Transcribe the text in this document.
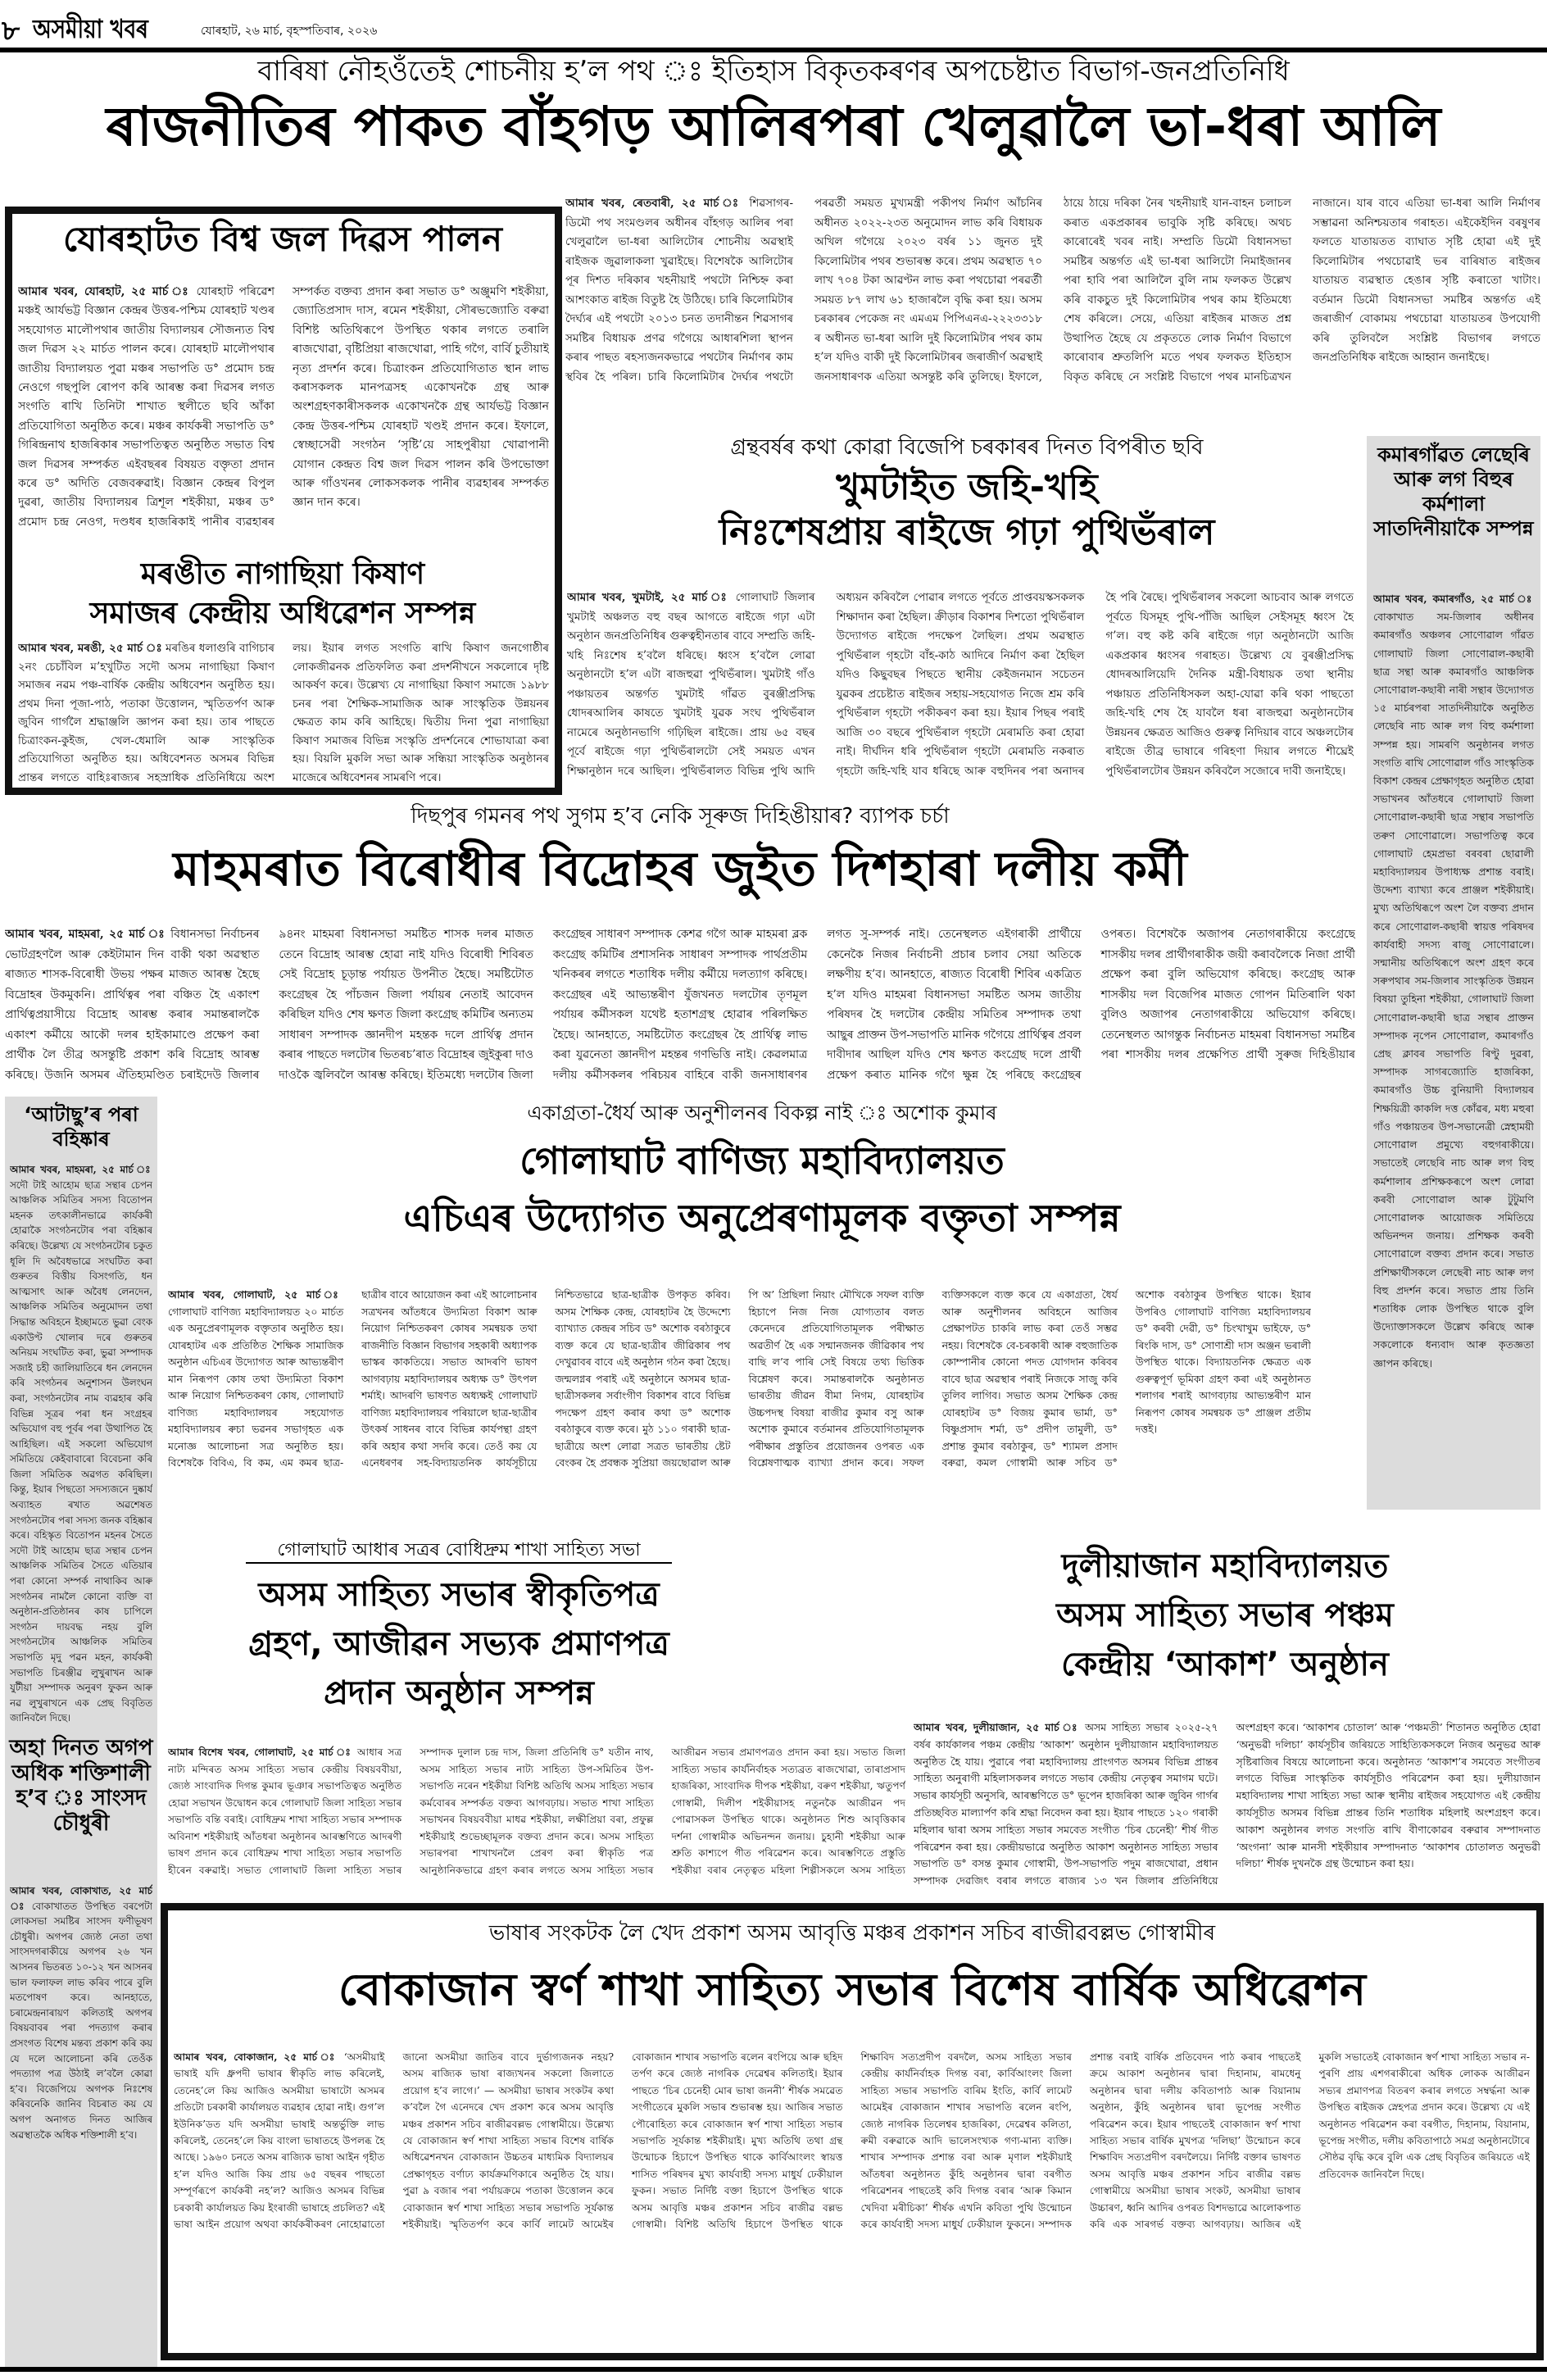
৮ অসমীয়া খবৰ	যোৰহাট, ২৬ মাৰ্চ, বৃহস্পতিবাৰ, ২০২৬
বাৰিষা নৌহওঁতেই শোচনীয় হ’ল পথ ঃ ইতিহাস বিকৃতকৰণৰ অপচেষ্টাত বিভাগ-জনপ্ৰতিনিধি
ৰাজনীতিৰ পাকত বাঁহগড় আলিৰপৰা খেলুৱালৈ ভা-ধৰা আলি
আমাৰ খবৰ, ৰেতবাৰী, ২৫ মাৰ্চ ঃ শিৱসাগৰ-ডিমৌ পথ সংমণ্ডলৰ অধীনৰ বাঁহগড় আলিৰ পৰা খেলুৱালৈ ভা-ধৰা আলিটোৰ শোচনীয় অৱস্থাই ৰাইজক জুৱালাকলা খুৱাইছে। বিশেষকৈ আলিটোৰ পূৰ দিশত দৰিকাৰ খহনীয়াই পথটো নিশ্চিহ্ন কৰা আশংকাত ৰাইজ বিতুষ্ট হৈ উঠিছে। চাৰি কিলোমিটাৰ দৈৰ্ঘ্যৰ এই পথটো ২০১৩ চনত তদানীন্তন শিৱসাগৰ সমষ্টিৰ বিধায়ক প্ৰণৱ গগৈয়ে আধাৰশিলা স্থাপন কৰাৰ পাছত ৰহস্যজনকভাৱে পথটোৰ নিৰ্মাণৰ কাম স্থবিৰ হৈ পৰিল। চাৰি কিলোমিটাৰ দৈৰ্ঘ্যৰ পথটো পৰৱৰ্তী সময়ত মুখ্যমন্ত্ৰী পকীপথ নিৰ্মাণ আঁচনিৰ অধীনত ২০২২-২৩ত অনুমোদন লাভ কৰি বিধায়ক অখিল গগৈয়ে ২০২৩ বৰ্ষৰ ১১ জুনত দুই কিলোমিটাৰ পথৰ শুভাৰম্ভ কৰে। প্ৰথম অৱস্থাত ৭০ লাখ ৭০৪ টকা আৱণ্টন লাভ কৰা পথচোৱা পৰৱৰ্তী সময়ত ৮৭ লাখ ৬১ হাজাৰলৈ বৃদ্ধি কৰা হয়। অসম চৰকাৰৰ পেকেজ নং এমএম পিপিএনএ-২২২৩৩১৮ ৰ অধীনত ভা-ধৰা আলি দুই কিলোমিটাৰ পথৰ কাম হ’ল যদিও বাকী দুই কিলোমিটাৰৰ জৰাজীৰ্ণ অৱস্থাই জনসাধাৰণক এতিয়া অসন্তুষ্ট কৰি তুলিছে। ইফালে, ঠায়ে ঠায়ে দৰিকা নৈৰ খহনীয়াই যান-বাহন চলাচল কৰাত একপ্ৰকাৰৰ ভাবুকি সৃষ্টি কৰিছে। অথচ কাৰোৰেই খবৰ নাই। সম্প্ৰতি ডিমৌ বিধানসভা সমষ্টিৰ অন্তৰ্গত এই ভা-ধৰা আলিটো নিমাইজানৰ পৰা হাবি পৰা আলিলৈ বুলি নাম ফলকত উল্লেখ কৰি বাকচুত দুই কিলোমিটাৰ পথৰ কাম ইতিমধ্যে শেষ কৰিলে। সেয়ে, এতিয়া ৰাইজৰ মাজত প্ৰশ্ন উত্থাপিত হৈছে যে প্ৰকৃততে লোক নিৰ্মাণ বিভাগে কাৰোবাৰ শ্ৰুতলিপি মতে পথৰ ফলকত ইতিহাস বিকৃত কৰিছে নে সংশ্লিষ্ট বিভাগে পথৰ মানচিত্ৰখন নাজানে। যাৰ বাবে এতিয়া ভা-ধৰা আলি নিৰ্মাণৰ সম্ভাৱনা অনিশ্চয়তাৰ গৰাহত। এইকেইদিন বৰষুণৰ ফলতে যাতায়তত ব্যাঘাত সৃষ্টি হোৱা এই দুই কিলোমিটাৰ পথচোৱাই ভৰ বাৰিষাত ৰাইজৰ যাতায়ত ব্যৱস্থাত হেঙাৰ সৃষ্টি কৰাতো খাটাং। বৰ্তমান ডিমৌ বিধানসভা সমষ্টিৰ অন্তৰ্গত এই জৰাজীৰ্ণ বোকাময় পথচোৱা যাতায়তৰ উপযোগী কৰি তুলিবলৈ সংশ্লিষ্ট বিভাগৰ লগতে জনপ্ৰতিনিধিক ৰাইজে আহ্বান জনাইছে।
যোৰহাটত বিশ্ব জল দিৱস পালন
আমাৰ খবৰ, যোৰহাট, ২৫ মাৰ্চ ঃ যোৰহাট পৰিৱেশ মঞ্চই আৰ্যভট্ট বিজ্ঞান কেন্দ্ৰৰ উত্তৰ-পশ্চিম যোৰহাট খণ্ডৰ সহযোগত মালৌপথাৰ জাতীয় বিদ্যালয়ৰ সৌজন্যত বিশ্ব জল দিৱস ২২ মাৰ্চত পালন কৰে। যোৰহাট মালৌপথাৰ জাতীয় বিদ্যালয়ত পুৱা মঞ্চৰ সভাপতি ড° প্ৰমোদ চন্দ্ৰ নেওগে গছপুলি ৰোপণ কৰি আৰম্ভ কৰা দিৱসৰ লগত সংগতি ৰাখি তিনিটা শাখাত স্থলীতে ছবি আঁকা প্ৰতিযোগিতা অনুষ্ঠিত কৰে। মঞ্চৰ কাৰ্যকৰী সভাপতি ড° গিৰিন্দ্ৰনাথ হাজৰিকাৰ সভাপতিত্বত অনুষ্ঠিত সভাত বিশ্ব জল দিৱসৰ সম্পৰ্কত এইবছৰৰ বিষয়ত বক্তৃতা প্ৰদান কৰে ড° অদিতি বেজবৰুৱাই। বিজ্ঞান কেন্দ্ৰৰ বিপুল দুৱৰা, জাতীয় বিদ্যালয়ৰ ত্ৰিশূল শইকীয়া, মঞ্চৰ ড° প্ৰমোদ চন্দ্ৰ নেওগ, দণ্ডধৰ হাজৰিকাই পানীৰ ব্যৱহাৰৰ সম্পৰ্কত বক্তব্য প্ৰদান কৰা সভাত ড° অঞ্জুমণি শইকীয়া, জ্যোতিপ্ৰসাদ দাস, ৰমেন শইকীয়া, সৌৰভজ্যোতি বৰুৱা বিশিষ্ট অতিথিৰূপে উপস্থিত থকাৰ লগতে তৰালি ৰাজখোৱা, বৃষ্টিপ্ৰিয়া ৰাজখোৱা, পাহি গগৈ, বাৰ্বি চুতীয়াই নৃত্য প্ৰদৰ্শন কৰে। চিত্ৰাংকন প্ৰতিযোগিতাত স্থান লাভ কৰাসকলক মানপত্ৰসহ একোখনকৈ গ্ৰন্থ আৰু অংশগ্ৰহণকাৰীসকলক একোখনকৈ গ্ৰন্থ আৰ্যভট্ট বিজ্ঞান কেন্দ্ৰ উত্তৰ-পশ্চিম যোৰহাট খণ্ডই প্ৰদান কৰে। ইফালে, স্বেচ্ছাসেৱী সংগঠন ‘সৃষ্টি’য়ে সাহপুৰীয়া খোৱাপানী যোগান কেন্দ্ৰত বিশ্ব জল দিৱস পালন কৰি উপভোক্তা আৰু গাঁওখনৰ লোকসকলক পানীৰ ব্যৱহাৰৰ সম্পৰ্কত জ্ঞান দান কৰে।
মৰঙীত নাগাছিয়া কিষাণ
সমাজৰ কেন্দ্ৰীয় অধিৱেশন সম্পন্ন
আমাৰ খবৰ, মৰঙী, ২৫ মাৰ্চ ঃ মৰঙিৰ ধলাগুৰি বাগিচাৰ ২নং চেচাঁবিল ম’হখুটিত সদৌ অসম নাগাছিয়া কিষাণ সমাজৰ নৱম পঞ্চ-বাৰ্ষিক কেন্দ্ৰীয় অধিবেশন অনুষ্ঠিত হয়। প্ৰথম দিনা পূজা-পাঠ, পতাকা উত্তোলন, স্মৃতিতৰ্পণ আৰু জুবিন গাৰ্গলৈ শ্ৰদ্ধাঞ্জলি জ্ঞাপন কৰা হয়। তাৰ পাছতে চিত্ৰাংকন-কুইজ, খেল-ধেমালি আৰু সাংস্কৃতিক প্ৰতিযোগিতা অনুষ্ঠিত হয়। অধিবেশনত অসমৰ বিভিন্ন প্ৰান্তৰ লগতে বাহিঃৰাজ্যৰ সহস্ৰাধিক প্ৰতিনিধিয়ে অংশ লয়। ইয়াৰ লগত সংগতি ৰাখি কিষাণ জনগোষ্ঠীৰ লোকজীৱনক প্ৰতিফলিত কৰা প্ৰদৰ্শনীখনে সকলোৰে দৃষ্টি আকৰ্ষণ কৰে। উল্লেখ্য যে নাগাছিয়া কিষাণ সমাজে ১৯৮৮ চনৰ পৰা শৈক্ষিক-সামাজিক আৰু সাংস্কৃতিক উন্নয়নৰ ক্ষেত্ৰত কাম কৰি আহিছে। দ্বিতীয় দিনা পুৱা নাগাছিয়া কিষাণ সমাজৰ বিভিন্ন সংস্কৃতি প্ৰদৰ্শনেৰে শোভাযাত্ৰা কৰা হয়। বিয়লি মুকলি সভা আৰু সন্ধিয়া সাংস্কৃতিক অনুষ্ঠানৰ মাজেৰে অধিবেশনৰ সামৰণি পৰে।
গ্ৰন্থবৰ্ষৰ কথা কোৱা বিজেপি চৰকাৰৰ দিনত বিপৰীত ছবি
খুমটাইত জহি-খহি
নিঃশেষপ্ৰায় ৰাইজে গঢ়া পুথিভঁৰাল
আমাৰ খবৰ, খুমটাই, ২৫ মাৰ্চ ঃ গোলাঘাট জিলাৰ খুমটাই অঞ্চলত বহু বছৰ আগতে ৰাইজে গঢ়া এটা অনুষ্ঠান জনপ্ৰতিনিধিৰ গুৰুত্বহীনতাৰ বাবে সম্প্ৰতি জহি-খহি নিঃশেষ হ’বলৈ ধৰিছে। ধ্বংস হ’বলৈ লোৱা অনুষ্ঠানটো হ’ল এটা ৰাজহুৱা পুথিভঁৰাল। খুমটাই গাঁও পঞ্চায়তৰ অন্তৰ্গত খুমটাই গাঁৱত বুৰঞ্জীপ্ৰসিদ্ধ ধোদৰআলিৰ কাষতে খুমটাই যুৱক সংঘ পুথিভঁৰাল নামেৰে অনুষ্ঠানভাগি গঢ়িছিল ৰাইজে। প্ৰায় ৬৫ বছৰ পূৰ্বে ৰাইজে গঢ়া পুথিভঁৰালটো সেই সময়ত এখন শিক্ষানুষ্ঠান দৰে আছিল। পুথিভঁৰালত বিভিন্ন পুথি আদি অধ্যয়ন কৰিবলৈ পোৱাৰ লগতে পূৰ্বতে প্ৰাপ্তবয়স্কসকলক শিক্ষাদান কৰা হৈছিল। ক্ৰীড়াৰ বিকাশৰ দিশতো পুথিভঁৰাল উদ্যোগত ৰাইজে পদক্ষেপ লৈছিল। প্ৰথম অৱস্থাত পুথিভঁৰাল গৃহটো বাঁহ-কাঠ আদিৰে নিৰ্মাণ কৰা হৈছিল যদিও কিছুবছৰ পিছতে স্থানীয় কেইজনমান সচেতন যুৱকৰ প্ৰচেষ্টাত ৰাইজৰ সহায়-সহযোগত নিজে শ্ৰম কৰি পুথিভঁৰাল গৃহটো পকীকৰণ কৰা হয়। ইয়াৰ পিছৰ পৰাই আজি ৩০ বছৰে পুথিভঁৰাল গৃহটো মেৰামতি কৰা হোৱা নাই। দীৰ্ঘদিন ধৰি পুথিভঁৰাল গৃহটো মেৰামতি নকৰাত গৃহটো জহি-খহি যাব ধৰিছে আৰু বহুদিনৰ পৰা অনাদৰ হৈ পৰি ৰৈছে। পুথিভঁৰালৰ সকলো আচবাব আৰু লগতে পূৰ্বতে যিসমূহ পুথি-পাঁজি আছিল সেইসমূহ ধ্বংস হৈ গ’ল। বহু কষ্ট কৰি ৰাইজে গঢ়া অনুষ্ঠানটো আজি একপ্ৰকাৰ ধ্বংসৰ গৰাহত। উল্লেখ্য যে বুৰঞ্জীপ্ৰসিদ্ধ ধোদৰআলিয়েদি দৈনিক মন্ত্ৰী-বিধায়ক তথা স্থানীয় পঞ্চায়ত প্ৰতিনিধিসকল অহা-যোৱা কৰি থকা পাছতো জহি-খহি শেষ হৈ যাবলৈ ধৰা ৰাজহুৱা অনুষ্ঠানটোৰ উন্নয়নৰ ক্ষেত্ৰত আজিও গুৰুত্ব নিদিয়াৰ বাবে অঞ্চলটোৰ ৰাইজে তীব্ৰ ভাষাৰে গৰিহণা দিয়াৰ লগতে শীঘ্ৰেই পুথিভঁৰালটোৰ উন্নয়ন কৰিবলৈ সজোৰে দাবী জনাইছে।
কমাৰগাঁৱত লেছেৰি আৰু লগ বিহুৰ কৰ্মশালা সাতদিনীয়াকৈ সম্পন্ন
আমাৰ খবৰ, কমাৰগাঁও, ২৫ মাৰ্চ ঃ বোকাখাত সম-জিলাৰ অধীনৰ কমাৰগাঁও অঞ্চলৰ সোণোৱাল গাঁৱত গোলাঘাট জিলা সোণোৱাল-কছাৰী ছাত্ৰ সন্থা আৰু কমাৰগাঁও আঞ্চলিক সোণোৱাল-কছাৰী নাৰী সন্থাৰ উদ্যোগত ১৫ মাৰ্চৰপৰা সাতদিনীয়াকৈ অনুষ্ঠিত লেছেৰি নাচ আৰু লগ বিহু কৰ্মশালা সম্পন্ন হয়। সামৰণি অনুষ্ঠানৰ লগত সংগতি ৰাখি সোণোৱাল গাঁও সাংস্কৃতিক বিকাশ কেন্দ্ৰৰ প্ৰেক্ষাগৃহত অনুষ্ঠিত হোৱা সভাখনৰ আঁতধৰে গোলাঘাট জিলা সোণোৱাল-কছাৰী ছাত্ৰ সন্থাৰ সভাপতি তৰুণ সোণোৱালে। সভাপতিত্ব কৰে গোলাঘাট হেমপ্ৰভা বৰবৰা ছোৱালী মহাবিদ্যালয়ৰ উপাধ্যক্ষ প্ৰশান্ত বৰাই। উদ্দেশ্য ব্যাখ্যা কৰে প্ৰাঞ্জল শইকীয়াই। মুখ্য অতিথিৰূপে অংশ লৈ বক্তব্য প্ৰদান কৰে সোণোৱাল-কছাৰী স্বায়ত্ত পৰিষদৰ কাৰ্যবাহী সদস্য ৰাজু সোণোৱালে। সন্মানীয় অতিথিৰূপে অংশ গ্ৰহণ কৰে সৰুপথাৰ সম-জিলাৰ সাংস্কৃতিক উন্নয়ন বিষয়া তুহিনা শইকীয়া, গোলাঘাট জিলা সোণোৱাল-কছাৰী ছাত্ৰ সন্থাৰ প্ৰাক্তন সম্পাদক নৃপেন সোণোৱাল, কমাৰগাঁও প্ৰেছ ক্লাবৰ সভাপতি ৰিণ্টু দুৱৰা, সম্পাদক সাগৰজ্যোতি হাজৰিকা, কমাৰগাঁও উচ্চ বুনিয়াদী বিদ্যালয়ৰ শিক্ষয়িত্ৰী কাকলি দত্ত কোঁৱৰ, মধ্য মহুৰা গাঁও পঞ্চায়তৰ উপ-সভানেত্ৰী স্নেহাময়ী সোণোৱাল প্ৰমুখ্যে বহুগৰাকীয়ে। সভাতেই লেছেৰি নাচ আৰু লগ বিহু কৰ্মশালাৰ প্ৰশিক্ষকৰূপে অংশ লোৱা কৰবী সোণোৱাল আৰু টুটুমণি সোণোৱালক আয়োজক সমিতিয়ে অভিনন্দন জনায়। প্ৰশিক্ষক কৰবী সোণোৱালে বক্তব্য প্ৰদান কৰে। সভাত প্ৰশিক্ষাৰ্থীসকলে লেছেৰী নাচ আৰু লগ বিহু প্ৰদৰ্শন কৰে। সভাত প্ৰায় তিনি শতাধিক লোক উপস্থিত থাকে বুলি উদ্যোক্তাসকলে উল্লেখ কৰিছে আৰু সকলোকে ধন্যবাদ আৰু কৃতজ্ঞতা জ্ঞাপন কৰিছে।
দিছপুৰ গমনৰ পথ সুগম হ’ব নেকি সূৰুজ দিহিঙীয়াৰ? ব্যাপক চৰ্চা
মাহমৰাত বিৰোধীৰ বিদ্ৰোহৰ জুইত দিশহাৰা দলীয় কৰ্মী
আমাৰ খবৰ, মাহমৰা, ২৫ মাৰ্চ ঃ বিধানসভা নিৰ্বাচনৰ ভোটগ্ৰহণলৈ আৰু কেইটামান দিন বাকী থকা অৱস্থাত ৰাজ্যত শাসক-বিৰোধী উভয় পক্ষৰ মাজত আৰম্ভ হৈছে বিদ্ৰোহৰ উকমুকনি। প্ৰাৰ্থিত্বৰ পৰা বঞ্চিত হৈ একাংশ প্ৰাৰ্থিত্বপ্ৰয়াসীয়ে বিদ্ৰোহ আৰম্ভ কৰাৰ সমান্তৰালকৈ একাংশ কৰ্মীয়ে আকৌ দলৰ হাইকামাণ্ডে প্ৰক্ষেপ কৰা প্ৰাৰ্থীক লৈ তীব্ৰ অসন্তুষ্টি প্ৰকাশ কৰি বিদ্ৰোহ আৰম্ভ কৰিছে। উজনি অসমৰ ঐতিহ্যমণ্ডিত চৰাইদেউ জিলাৰ ৯৪নং মাহমৰা বিধানসভা সমষ্টিত শাসক দলৰ মাজত তেনে বিদ্ৰোহ আৰম্ভ হোৱা নাই যদিও বিৰোধী শিবিৰত সেই বিদ্ৰোহ চূড়ান্ত পৰ্যায়ত উপনীত হৈছে। সমষ্টিটোত কংগ্ৰেছৰ হৈ পাঁচজন জিলা পৰ্যায়ৰ নেতাই আবেদন কৰিছিল যদিও শেষ ক্ষণত জিলা কংগ্ৰেছ কমিটিৰ অন্যতম সাধাৰণ সম্পাদক জ্ঞানদীপ মহন্তক দলে প্ৰাৰ্থিত্ব প্ৰদান কৰাৰ পাছতে দলটোৰ ভিতৰচ’ৰাত বিদ্ৰোহৰ জুইকুৰা দাও দাওকৈ জ্বলিবলৈ আৰম্ভ কৰিছে। ইতিমধ্যে দলটোৰ জিলা কংগ্ৰেছৰ সাধাৰণ সম্পাদক কেশৱ গগৈ আৰু মাহমৰা ব্লক কংগ্ৰেছ কমিটিৰ প্ৰশাসনিক সাধাৰণ সম্পাদক পাৰ্থপ্ৰতীম খনিকৰৰ লগতে শতাধিক দলীয় কৰ্মীয়ে দলত্যাগ কৰিছে। কংগ্ৰেছৰ এই আভ্যন্তৰীণ যুঁজখনত দলটোৰ তৃণমূল পৰ্যায়ৰ কৰ্মীসকল যথেষ্ট হতাশগ্ৰস্থ হোৱাৰ পৰিলক্ষিত হৈছে। আনহাতে, সমষ্টিটোত কংগ্ৰেছৰ হৈ প্ৰাৰ্থিত্ব লাভ কৰা যুৱনেতা জ্ঞানদীপ মহন্তৰ গণভিত্তি নাই। কেৱলমাত্ৰ দলীয় কৰ্মীসকলৰ পৰিচয়ৰ বাহিৰে বাকী জনসাধাৰণৰ লগত সু-সম্পৰ্ক নাই। তেনেস্থলত এইগৰাকী প্ৰাৰ্থীয়ে কেনেকৈ নিজৰ নিৰ্বাচনী প্ৰচাৰ চলাব সেয়া অতিকে লক্ষণীয় হ’ব। আনহাতে, ৰাজ্যত বিৰোধী শিবিৰ একত্ৰিত হ’ল যদিও মাহমৰা বিধানসভা সমষ্টিত অসম জাতীয় পৰিষদৰ হৈ দলটোৰ কেন্দ্ৰীয় সমিতিৰ সম্পাদক তথা আছুৰ প্ৰাক্তন উপ-সভাপতি মানিক গগৈয়ে প্ৰাৰ্থিত্বৰ প্ৰবল দাবীদাৰ আছিল যদিও শেষ ক্ষণত কংগ্ৰেছ দলে প্ৰাৰ্থী প্ৰক্ষেপ কৰাত মানিক গগৈ ক্ষুন্ন হৈ পৰিছে কংগ্ৰেছৰ ওপৰত। বিশেষকৈ অজাপৰ নেতাগৰাকীয়ে কংগ্ৰেছে শাসকীয় দলৰ প্ৰাৰ্থীগৰাকীক জয়ী কৰাবলৈকে নিজা প্ৰাৰ্থী প্ৰক্ষেপ কৰা বুলি অভিযোগ কৰিছে। কংগ্ৰেছ আৰু শাসকীয় দল বিজেপিৰ মাজত গোপন মিতিৰালি থকা বুলিও অজাপৰ নেতাগৰাকীয়ে অভিযোগ কৰিছে। তেনেস্থলত আগন্তুক নিৰ্বাচনত মাহমৰা বিধানসভা সমষ্টিৰ পৰা শাসকীয় দলৰ প্ৰক্ষেপিত প্ৰাৰ্থী সুৰুজ দিহিঙীয়াৰ
‘আটাছু’ৰ পৰা বহিষ্কাৰ
আমাৰ খবৰ, মাহমৰা, ২৫ মাৰ্চ ঃ সদৌ টাই আহোম ছাত্ৰ সন্থাৰ চেপন আঞ্চলিক সমিতিৰ সদস্য বিতোপন মহনক তৎকালীনভাৱে কাৰ্যকৰী হোৱাকৈ সংগঠনটোৰ পৰা বহিষ্কাৰ কৰিছে। উল্লেখ্য যে সংগঠনটোৰ চকুত ধূলি দি অবৈধভাৱে সংঘটিত কৰা গুৰুতৰ বিত্তীয় বিসংগতি, ধন আত্মসাৎ আৰু অবৈধ লেনদেন, আঞ্চলিক সমিতিৰ অনুমোদন তথা সিদ্ধান্ত অবিহনে ইচ্ছামতে ভুৱা বেংক একাউণ্ট খোলাৰ দৰে গুৰুতৰ অনিয়ম সংঘটিত কৰা, ভুৱা সম্পাদক সজাই চহী জালিয়াতিৰে ধন লেনদেন কৰি সংগঠনৰ অনুশাসন উলংঘন কৰা, সংগঠনটোৰ নাম ব্যৱহাৰ কৰি বিভিন্ন সূত্ৰৰ পৰা ধন সংগ্ৰহৰ অভিযোগ বহু পূৰ্বৰ পৰা উত্থাপিত হৈ আহিছিল। এই সকলো অভিযোগ সমিতিয়ে কেইবাবাৰো বিবেচনা কৰি জিলা সমিতিক অৱগত কৰিছিল। কিন্তু, ইয়াৰ পিছতো সদস্যজনে দুষ্কাৰ্য অব্যাহত ৰখাত অৱশেষত সংগঠনটোৰ পৰা সদস্য জনক বহিষ্কাৰ কৰে। বহিস্কৃত বিতোপন মহনৰ সৈতে সদৌ টাই আহোম ছাত্ৰ সন্থাৰ চেপন আঞ্চলিক সমিতিৰ সৈতে এতিয়াৰ পৰা কোনো সম্পৰ্ক নাথাকিব আৰু সংগঠনৰ নামলৈ কোনো ব্যক্তি বা অনুষ্ঠান-প্ৰতিষ্ঠানৰ কাষ চাপিলে সংগঠন দায়বদ্ধ নহয় বুলি সংগঠনটোৰ আঞ্চলিক সমিতিৰ সভাপতি মৃদু পৱন মহন, কাৰ্যকৰী সভাপতি চিৰঞ্জীৱ লুখুৰাখন আৰু যুটীয়া সম্পাদক অনুৰণ ফুকন আৰু নৱ লুখুৰাখনে এক প্ৰেছ বিবৃতিত জানিবলৈ দিছে।
অহা দিনত অগপ অধিক শক্তিশালী হ’ব ঃ সাংসদ চৌধুৰী
আমাৰ খবৰ, বোকাখাত, ২৫ মাৰ্চ ঃ বোকাখাতত উপস্থিত বৰপেটা লোকসভা সমষ্টিৰ সাংসদ ফণীভূষণ চৌধুৰী। অগপৰ জ্যেষ্ঠ নেতা তথা সাংসদগৰাকীয়ে অগপৰ ২৬ খন আসনৰ ভিতৰত ১০-১২ খন আসনৰ ভাল ফলাফল লাভ কৰিব পাৰে বুলি মতপোষণ কৰে। আনহাতে, চৰামেন্দ্ৰনাৰায়ণ কলিতাই অগপৰ বিষয়বাবৰ পৰা পদত্যাগ কৰাৰ প্ৰসংগত বিশেষ মন্তব্য প্ৰকাশ কৰি কয় যে দলে আলোচনা কৰি তেওঁক পদত্যাগ পত্ৰ উঠাই ল’বলৈ কোৱা হ’ব। বিজেপিয়ে অগপক নিঃশেষ কৰিবনেকি জানিব বিচৰাত কয় যে অগপ অনাগত দিনত আজিৰ অৱস্থাতকৈ অধিক শক্তিশালী হ’ব।
একাগ্ৰতা-ধৈৰ্য আৰু অনুশীলনৰ বিকল্প নাই ঃ অশোক কুমাৰ
গোলাঘাট বাণিজ্য মহাবিদ্যালয়ত
এচিএৰ উদ্যোগত অনুপ্ৰেৰণামূলক বক্তৃতা সম্পন্ন
আমাৰ খবৰ, গোলাঘাট, ২৫ মাৰ্চ ঃ গোলাঘাট বাণিজ্য মহাবিদ্যালয়ত ২০ মাৰ্চত এক অনুপ্ৰেৰণামূলক বক্তৃতাৰ অনুষ্ঠিত হয়। যোৰহাটৰ এক প্ৰতিষ্ঠিত শৈক্ষিক সামাজিক অনুষ্ঠান এচিএৰ উদ্যোগত আৰু আভ্যন্তৰীণ মান নিৰূপণ কোষ তথা উদ্যমিতা বিকাশ আৰু নিয়োগ নিশ্চিতকৰণ কোষ, গোলাঘাট বাণিজ্য মহাবিদ্যালয়ৰ সহযোগত মহাবিদ্যালয়ৰ ৰুচা ভৱনৰ সভাগৃহত এক মনোজ্ঞ আলোচনা সত্ৰ অনুষ্ঠিত হয়। বিশেষকৈ বিবিএ, বি কম, এম কমৰ ছাত্ৰ-ছাত্ৰীৰ বাবে আয়োজন কৰা এই আলোচনাৰ সত্ৰখনৰ আঁতধৰে উদ্যমিতা বিকাশ আৰু নিয়োগ নিশ্চিতকৰণ কোষৰ সমন্বয়ক তথা ৰাজনীতি বিজ্ঞান বিভাগৰ সহকাৰী অধ্যাপক ভাস্কৰ কাকতিয়ে। সভাত আদৰণি ভাষণ আগবঢ়ায় মহাবিদ্যালয়ৰ অধ্যক্ষ ড° উৎপল শৰ্মাই। আদৰণি ভাষণত অধ্যক্ষই গোলাঘাট বাণিজ্য মহাবিদ্যালয়ৰ পৰিয়ালে ছাত্ৰ-ছাত্ৰীৰ উৎকৰ্ষ সাধনৰ বাবে বিভিন্ন কাৰ্যপন্থা গ্ৰহণ কৰি অহাৰ কথা সদৰি কৰে। তেওঁ কয় যে এনেধৰণৰ সহ-বিদ্যায়তনিক কাৰ্যসূচীয়ে নিশ্চিতভাৱে ছাত্ৰ-ছাত্ৰীক উপকৃত কৰিব। অসম শৈক্ষিক কেন্দ্ৰ, যোৰহাটৰ হৈ উদ্দেশ্যে ব্যাখ্যাত কেন্দ্ৰৰ সচিব ড° অশোক বৰঠাকুৰে ব্যক্ত কৰে যে ছাত্ৰ-ছাত্ৰীৰ জীৱিকাৰ পথ দেখুৱাবৰ বাবে এই অনুষ্ঠান গঠন কৰা হৈছে। জন্মলগ্নৰ পৰাই এই অনুষ্ঠানে অসমৰ ছাত্ৰ-ছাত্ৰীসকলৰ সৰ্বাংগীণ বিকাশৰ বাবে বিভিন্ন পদক্ষেপ গ্ৰহণ কৰাৰ কথা ড° অশোক বৰঠাকুৰে ব্যক্ত কৰে। মুঠ ১১০ গৰাকী ছাত্ৰ-ছাত্ৰীয়ে অংশ লোৱা সত্ৰত ভাৰতীয় ষ্টেট বেংকৰ হৈ প্ৰবন্ধক সুপ্ৰিয়া জয়ছোৱাল আৰু পি অ’ প্ৰিছিলা নিয়াং মৌখিকে সফল ব্যক্তি হিচাপে নিজ নিজ যোগ্যতাৰ বলত কেনেদৰে প্ৰতিযোগিতামূলক পৰীক্ষাত অৱতীৰ্ণ হৈ এক সন্মানজনক জীৱিকাৰ পথ বাছি ল’ব পাৰি সেই বিষয়ে তথ্য ভিত্তিক বিশ্লেষণ কৰে। সমান্তৰালকৈ অনুষ্ঠানত ভাৰতীয় জীৱন বীমা নিগম, যোৰহাটৰ উচ্চপদস্থ বিষয়া ৰাজীৱ কুমাৰ বসু আৰু অশোক কুমাৰে বৰ্তমানৰ প্ৰতিযোগিতামূলক পৰীক্ষাৰ প্ৰস্তুতিৰ প্ৰয়োজনৰ ওপৰত এক বিশ্লেষণাত্মক ব্যাখ্যা প্ৰদান কৰে। সফল ব্যক্তিসকলে ব্যক্ত কৰে যে একাগ্ৰতা, ধৈৰ্য আৰু অনুশীলনৰ অবিহনে আজিৰ প্ৰেক্ষাপটত চাকৰি লাভ কৰা তেওঁ সম্ভৱ নহয়। বিশেষকৈ বে-চৰকাৰী আৰু বহুজাতিক কোম্পানীৰ কোনো পদত যোগদান কৰিবৰ বাবে ছাত্ৰ অৱস্থাৰ পৰাই নিজকে সাজু কৰি তুলিব লাগিব। সভাত অসম শৈক্ষিক কেন্দ্ৰ যোৰহাটৰ ড° বিজয় কুমাৰ ভাৰ্মা, ড° বিষ্ণুপ্ৰসাদ শৰ্মা, ড° প্ৰদীপ তামুলী, ড° প্ৰশান্ত কুমাৰ বৰঠাকুৰ, ড° শ্যামল প্ৰসাদ বৰুৱা, কমল গোস্বামী আৰু সচিব ড° অশোক বৰঠাকুৰ উপস্থিত থাকে। ইয়াৰ উপৰিও গোলাঘাট বাণিজ্য মহাবিদ্যালয়ৰ ড° কৰবী দেৱী, ড° চিংখাখুম ভাইফে, ড° ৰিংকি দাস, ড° সোণাশ্ৰী দাস অঞ্জন ভৰালী উপস্থিত থাকে। বিদ্যায়তনিক ক্ষেত্ৰত এক গুৰুত্বপূৰ্ণ ভূমিকা গ্ৰহণ কৰা এই অনুষ্ঠানত শলাগৰ শৰাই আগবঢ়ায় আভ্যন্তৰীণ মান নিৰূপণ কোষৰ সমন্বয়ক ড° প্ৰাঞ্জল প্ৰতীম দত্তই।
গোলাঘাট আধাৰ সত্ৰৰ বোধিদ্ৰুম শাখা সাহিত্য সভা
অসম সাহিত্য সভাৰ স্বীকৃতিপত্ৰ
গ্ৰহণ, আজীৱন সভ্যক প্ৰমাণপত্ৰ
প্ৰদান অনুষ্ঠান সম্পন্ন
আমাৰ বিশেষ খবৰ, গোলাঘাট, ২৫ মাৰ্চ ঃ আধাৰ সত্ৰ নাট্য মন্দিৰত অসম সাহিত্য সভাৰ কেন্দ্ৰীয় বিষয়ববীয়া, জ্যেষ্ঠ সাংবাদিক দিগন্ত কুমাৰ ভূঞাৰ সভাপতিত্বত অনুষ্ঠিত হোৱা সভাখন উদ্বোধন কৰে গোলাঘাট জিলা সাহিত্য সভাৰ সভাপতি বন্তি বৰাই। বোধিদ্ৰুম শাখা সাহিত্য সভাৰ সম্পাদক অবিনাশ শইকীয়াই আঁতধৰা অনুষ্ঠানৰ আৰম্ভণিতে আদৰণী ভাষণ প্ৰদান কৰে বোধিদ্ৰুম শাখা সাহিত্য সভাৰ সভাপতি হীৰেন বৰুৱাই। সভাত গোলাঘাট জিলা সাহিত্য সভাৰ সম্পাদক দুলাল চন্দ্ৰ দাস, জিলা প্ৰতিনিধি ড° যতীন নাথ, অসম সাহিত্য সভাৰ নাট্য সাহিত্য উপ-সমিতিৰ উপ-সভাপতি নৰেন শইকীয়া বিশিষ্ট অতিথি অসম সাহিত্য সভাৰ কৰ্মবোৰৰ সম্পৰ্কত বক্তব্য আগবঢ়ায়। সভাত শাখা সাহিত্য সভাখনৰ বিষয়ববীয়া মাধৱ শইকীয়া, লক্ষীপ্ৰিয়া বৰা, প্ৰফুল্ল শইকীয়াই শুভেচ্ছামূলক বক্তব্য প্ৰদান কৰে। অসম সাহিত্য সভাৰপৰা শাখাখনলৈ প্ৰেৰণ কৰা স্বীকৃতি পত্ৰ আনুষ্ঠানিকভাৱে গ্ৰহণ কৰাৰ লগতে অসম সাহিত্য সভাৰ আজীৱন সভ্যৰ প্ৰমাণপত্ৰও প্ৰদান কৰা হয়। সভাত জিলা সাহিত্য সভাৰ কাৰ্যনিৰ্বাহক সত্যব্ৰত ৰাজখোৱা, তাৰাপ্ৰসাদ হাজৰিকা, সাংবাদিক দীপক শইকীয়া, বৰুণ শইকীয়া, ঋতুপৰ্ণ গোস্বামী, দিলীপ শইকীয়াসহ নতুনকৈ আজীৱন পদ পোৱাসকল উপস্থিত থাকে। অনুষ্ঠানত শিশু আবৃত্তিকাৰ দৰ্শনা গোস্বামীক অভিনন্দন জনায়। চুহানী শইকীয়া আৰু শ্ৰুতি কাশ্যপে গীত পৰিৱেশন কৰে। আৰম্ভণিতে প্ৰস্তুতি শইকীয়া বৰাৰ নেতৃত্বত মহিলা শিল্পীসকলে অসম সাহিত্য
দুলীয়াজান মহাবিদ্যালয়ত
অসম সাহিত্য সভাৰ পঞ্চম
কেন্দ্ৰীয় ‘আকাশ’ অনুষ্ঠান
আমাৰ খবৰ, দুলীয়াজান, ২৫ মাৰ্চ ঃ অসম সাহিত্য সভাৰ ২০২৫-২৭ বৰ্ষৰ কাৰ্যকালৰ পঞ্চম কেন্দ্ৰীয় ‘আকাশ’ অনুষ্ঠান দুলীয়াজান মহাবিদ্যালয়ত অনুষ্ঠিত হৈ যায়। পুৱাৰে পৰা মহাবিদ্যালয় প্ৰাংগণত অসমৰ বিভিন্ন প্ৰান্তৰ সাহিত্য অনুৰাগী মহিলাসকলৰ লগতে সভাৰ কেন্দ্ৰীয় নেতৃত্বৰ সমাগম ঘটে। সভাৰ কাৰ্যসূচী অনুসৰি, আৰম্ভণিতে ড° ভূপেন হাজৰিকা আৰু জুবিন গাৰ্গৰ প্ৰতিচ্ছবিত মাল্যাৰ্পণ কৰি শ্ৰদ্ধা নিবেদন কৰা হয়। ইয়াৰ পাছতে ১২০ গৰাকী মহিলাৰ দ্বাৰা অসম সাহিত্য সভাৰ সমবেত সংগীত ‘চিৰ চেনেহী’ শীৰ্ষ গীত পৰিৱেশন কৰা হয়। কেন্দ্ৰীয়ভাৱে অনুষ্ঠিত আকাশ অনুষ্ঠানত সাহিত্য সভাৰ সভাপতি ড° বসন্ত কুমাৰ গোস্বামী, উপ-সভাপতি পদুম ৰাজখোৱা, প্ৰধান সম্পাদক দেৱজিৎ বৰাৰ লগতে ৰাজ্যৰ ১৩ খন জিলাৰ প্ৰতিনিধিয়ে অংশগ্ৰহণ কৰে। ‘আকাশৰ চোতাল’ আৰু ‘পঞ্চমতী’ শিতানত অনুষ্ঠিত হোৱা ‘অনুভৱী দলিচা’ কাৰ্যসূচীৰ জৰিয়তে সাহিত্যিকসকলে নিজৰ অনুভৱ আৰু সৃষ্টিৰাজিৰ বিষয়ে আলোচনা কৰে। অনুষ্ঠানত ‘আকাশ’ৰ সমবেত সংগীতৰ লগতে বিভিন্ন সাংস্কৃতিক কাৰ্যসূচীও পৰিৱেশন কৰা হয়। দুলীয়াজান মহাবিদ্যালয় শাখা সাহিত্য সভা আৰু স্থানীয় ৰাইজৰ সহযোগত এই কেন্দ্ৰীয় কাৰ্যসূচীত অসমৰ বিভিন্ন প্ৰান্তৰ তিনি শতাধিক মহিলাই অংশগ্ৰহণ কৰে। আকাশ অনুষ্ঠানৰ লগত সংগতি ৰাখি বীণাকোৱৰ বৰুৱাৰ সম্পাদনাত ‘অংগনা’ আৰু মানসী শইকীয়াৰ সম্পাদনাত ‘আকাশৰ চোতালত অনুভৱী দলিচা’ শীৰ্ষক দুখনকৈ গ্ৰন্থ উন্মোচন কৰা হয়।
ভাষাৰ সংকটক লৈ খেদ প্ৰকাশ অসম আবৃত্তি মঞ্চৰ প্ৰকাশন সচিব ৰাজীৱবল্লভ গোস্বামীৰ
বোকাজান স্বৰ্ণ শাখা সাহিত্য সভাৰ বিশেষ বাৰ্ষিক অধিৱেশন
আমাৰ খবৰ, বোকাজান, ২৫ মাৰ্চ ঃ ‘অসমীয়াই ভাষাই যদি ধ্ৰুপদী ভাষাৰ স্বীকৃতি লাভ কৰিলেই, তেনেহ’লে কিয় আজিও অসমীয়া ভাষাটো অসমৰ প্ৰতিটো চৰকাৰী কাৰ্যালয়ত ব্যৱহাৰ হোৱা নাই। গুগ’ল ইউনিক’ডত যদি অসমীয়া ভাষাই অন্তৰ্ভুক্তি লাভ কৰিলেই, তেনেহ’লে কিয় বাংলা ভাষাতহে উপলব্ধ হৈ আছে। ১৯৬০ চনতে অসম ৰাজ্যিক ভাষা আইন গৃহীত হ’ল যদিও আজি কিয় প্ৰায় ৬৫ বছৰৰ পাছতো সম্পূৰ্ণৰূপে কাৰ্যকৰী নহ’ল? আজিও অসমৰ বিভিন্ন চৰকাৰী কাৰ্যালয়ত কিয় ইংৰাজী ভাষাহে প্ৰচলিত? এই ভাষা আইন প্ৰয়োগ অথবা কাৰ্যকৰীকৰণ নোহোৱাতো জানো অসমীয়া জাতিৰ বাবে দুৰ্ভাগ্যজনক নহয়? অসম ৰাজ্যিক ভাষা ৰাজ্যখনৰ সকলো জিলাতে প্ৰয়োগ হ’ব লাগে।’ — অসমীয়া ভাষাৰ সংকটৰ কথা ক’বলৈ গৈ এনেদৰে খেদ প্ৰকাশ কৰে অসম আবৃত্তি মঞ্চৰ প্ৰকাশন সচিব ৰাজীৱবল্লভ গোস্বামীয়ে। উল্লেখ্য যে বোকাজান স্বৰ্ণ শাখা সাহিত্য সভাৰ বিশেষ বাৰ্ষিক অধিৱেশনখন বোকাজান উচ্চতৰ মাধ্যমিক বিদ্যালয়ৰ প্ৰেক্ষাগৃহত বৰ্ণাঢ্য কাৰ্যক্ৰমণিকাৰে অনুষ্ঠিত হৈ যায়। পুৱা ৯ বজাৰ পৰা পৰ্যায়ক্ৰমে পতাকা উত্তোলন কৰে বোকাজান স্বৰ্ণ শাখা সাহিত্য সভাৰ সভাপতি সূৰ্যকান্ত শইকীয়াই। স্মৃতিতৰ্পণ কৰে কাৰ্বি লামেট আমেইৰ বোকাজান শাখাৰ সভাপতি ৰলেন ৰংপিয়ে আৰু ছহিদ তৰ্পণ কৰে জ্যেষ্ঠ নাগৰিক দেৱেশ্বৰ কলিতাই। ইয়াৰ পাছতে ‘চিৰ চেনেহী মোৰ ভাষা জননী’ শীৰ্ষক সমৱেত সংগীতেৰে মুকলি সভাৰ শুভাৰম্ভ হয়। আজিৰ সভাত পৌৰোহিত্য কৰে বোকাজান স্বৰ্ণ শাখা সাহিত্য সভাৰ সভাপতি সূৰ্যকান্ত শইকীয়াই। মুখ্য অতিথি তথা গ্ৰন্থ উন্মোচক হিচাপে উপস্থিত থাকে কাৰ্বিআংলং স্বায়ত্ত শাসিত পৰিষদৰ মুখ্য কাৰ্যবাহী সদস্য মাধুৰ্য ঢেকীয়াল ফুকন। সভাত নিৰ্দিষ্ট বক্তা হিচাপে উপস্থিত থাকে অসম আবৃত্তি মঞ্চৰ প্ৰকাশন সচিব ৰাজীৱ বল্লভ গোস্বামী। বিশিষ্ট অতিথি হিচাপে উপস্থিত থাকে শিক্ষাবিদ সত্যপ্ৰদীপ বৰদলৈ, অসম সাহিত্য সভাৰ কেন্দ্ৰীয় কাৰ্যনিৰ্বাহক দিগন্ত বৰা, কাৰ্বিআংলং জিলা সাহিত্য সভাৰ সভাপতি বাৰিম ইংতি, কাৰ্বি লামেট আমেইৰ বোকাজান শাখাৰ সভাপতি ৰলেন ৰংপি, জ্যেষ্ঠ নাগৰিক তিলেশ্বৰ হাজৰিকা, দেৱেশ্বৰ কলিতা, ৰুমী বৰুৱাকে আদি ভালেসংখ্যক গণ্য-মান্য ব্যক্তি। শাখাৰ সম্পাদক প্ৰশান্ত বৰা আৰু মৃণাল শইকীয়াই আঁতধৰা অনুষ্ঠানত কুঁহি অনুষ্ঠানৰ দ্বাৰা বৰগীত পৰিৱেশনৰ পাছতেই কবি দিগন্ত বৰাৰ ‘আৰু কিমান খেদিবা মৰীচিকা’ শীৰ্ষক এখনি কবিতা পুথি উন্মোচন কৰে কাৰ্যবাহী সদস্য মাধুৰ্য ঢেকীয়াল ফুকনে। সম্পাদক প্ৰশান্ত বৰাই বাৰ্ষিক প্ৰতিবেদন পাঠ কৰাৰ পাছতেই ক্ৰমে আকাশ অনুষ্ঠানৰ দ্বাৰা দিহানাম, ৰামধেনু অনুষ্ঠানৰ দ্বাৰা দলীয় কবিতাপাঠ আৰু বিয়ানাম অনুষ্ঠান, কুঁহি অনুষ্ঠানৰ দ্বাৰা ভূপেন্দ্ৰ সংগীত পৰিৱেশন কৰে। ইয়াৰ পাছতেই বোকাজান স্বৰ্ণ শাখা সাহিত্য সভাৰ বাৰ্ষিক মুখপত্ৰ ‘দলিছা’ উন্মোচন কৰে শিক্ষাবিদ সত্যপ্ৰদীপ বৰদলৈয়ে। নিৰ্দিষ্ট বক্তাৰ ভাষণত অসম আবৃত্তি মঞ্চৰ প্ৰকাশন সচিব ৰাজীৱ বল্লভ গোস্বামীয়ে অসমীয়া ভাষাৰ সংকট, অসমীয়া ভাষাৰ উচ্চাৰণ, ধ্বনি আদিৰ ওপৰত বিশদভাৱে আলোকপাত কৰি এক সাৰগৰ্ভ বক্তব্য আগবঢ়ায়। আজিৰ এই মুকলি সভাতেই বোকাজান স্বৰ্ণ শাখা সাহিত্য সভাৰ ন-পুৰণি প্ৰায় এশগৰাকীৰো অধিক লোকক আজীৱন সভ্যৰ প্ৰমাণপত্ৰ বিতৰণ কৰাৰ লগতে সম্বৰ্দ্ধনা আৰু উপস্থিত ৰাইজক স্নেহপত্ৰ প্ৰদান কৰে। উল্লেখ্য যে এই অনুষ্ঠানত পৰিৱেশন কৰা বৰগীত, দিহানাম, বিয়ানাম, ভূপেন্দ্ৰ সংগীত, দলীয় কবিতাপাঠে সমগ্ৰ অনুষ্ঠানটোৰে সৌষ্ঠৱ বৃদ্ধি কৰে বুলি এক প্ৰেছ বিবৃতিৰ জৰিয়তে এই প্ৰতিবেদক জানিবলৈ দিছে।
